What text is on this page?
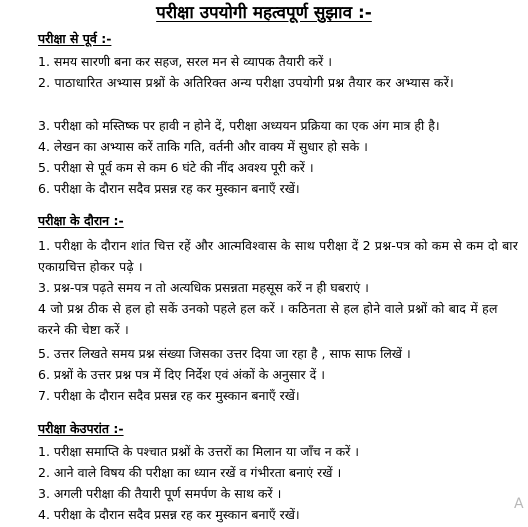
परीक्षा उपयोगी महत्वपूर्ण सुझाव :-
परीक्षा से पूर्व :-
1. समय सारणी बना कर सहज, सरल मन से व्यापक तैयारी करें ।
2. पाठाधारित अभ्यास प्रश्नों के अतिरिक्त अन्य परीक्षा उपयोगी प्रश्न तैयार कर अभ्यास करें।
3. परीक्षा को मस्तिष्क पर हावी न होने दें, परीक्षा अध्ययन प्रक्रिया का एक अंग मात्र ही है।
4. लेखन का अभ्यास करें ताकि गति, वर्तनी और वाक्य में सुधार हो सके ।
5. परीक्षा से पूर्व कम से कम 6 घंटे की नींद अवश्य पूरी करें ।
6. परीक्षा के दौरान सदैव प्रसन्न रह कर मुस्कान बनाएँ रखें।
परीक्षा के दौरान :-
1. परीक्षा के दौरान शांत चित्त रहें और आत्मविश्वास के साथ परीक्षा दें 2 प्रश्न-पत्र को कम से कम दो बार एकाग्रचित्त होकर पढ़े ।
3. प्रश्न-पत्र पढ़ते समय न तो अत्यधिक प्रसन्नता महसूस करें न ही घबराएं ।
4 जो प्रश्न ठीक से हल हो सकें उनको पहले हल करें । कठिनता से हल होने वाले प्रश्नों को बाद में हल करने की चेष्टा करें ।
5. उत्तर लिखते समय प्रश्न संख्या जिसका उत्तर दिया जा रहा है , साफ साफ लिखें ।
6. प्रश्नों के उत्तर प्रश्न पत्र में दिए निर्देश एवं अंकों के अनुसार दें ।
7. परीक्षा के दौरान सदैव प्रसन्न रह कर मुस्कान बनाएँ रखें।
परीक्षा केउपरांत :-
1. परीक्षा समाप्ति के पश्चात प्रश्नों के उत्तरों का मिलान या जाँच न करें ।
2. आने वाले विषय की परीक्षा का ध्यान रखें व गंभीरता बनाएं रखें ।
3. अगली परीक्षा की तैयारी पूर्ण समर्पण के साथ करें ।
4. परीक्षा के दौरान सदैव प्रसन्न रह कर मुस्कान बनाएँ रखें।
A
